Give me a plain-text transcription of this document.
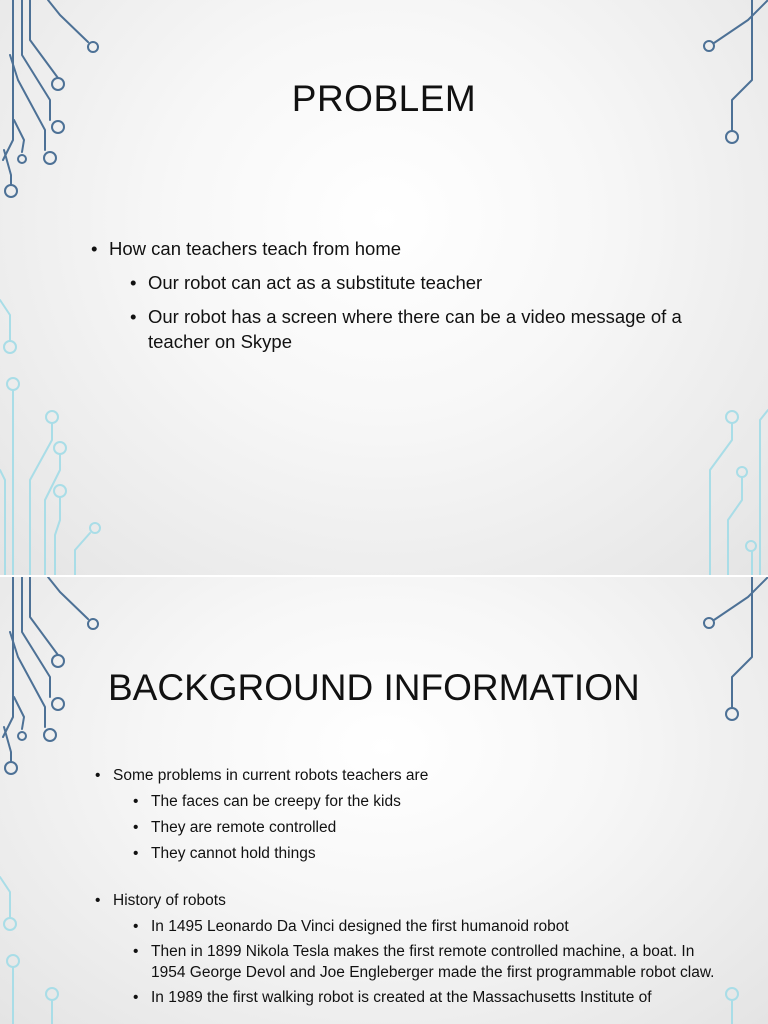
PROBLEM
• How can teachers teach from home
• Our robot can act as a substitute teacher
• Our robot has a screen where there can be a video message of a teacher on Skype
BACKGROUND INFORMATION
• Some problems in current robots teachers are
• The faces can be creepy for the kids
• They are remote controlled
• They cannot hold things
• History of robots
• In 1495 Leonardo Da Vinci designed the first humanoid robot
• Then in 1899 Nikola Tesla makes the first remote controlled machine, a boat. In 1954 George Devol and Joe Engleberger made the first programmable robot claw.
• In 1989 the first walking robot is created at the Massachusetts Institute of
